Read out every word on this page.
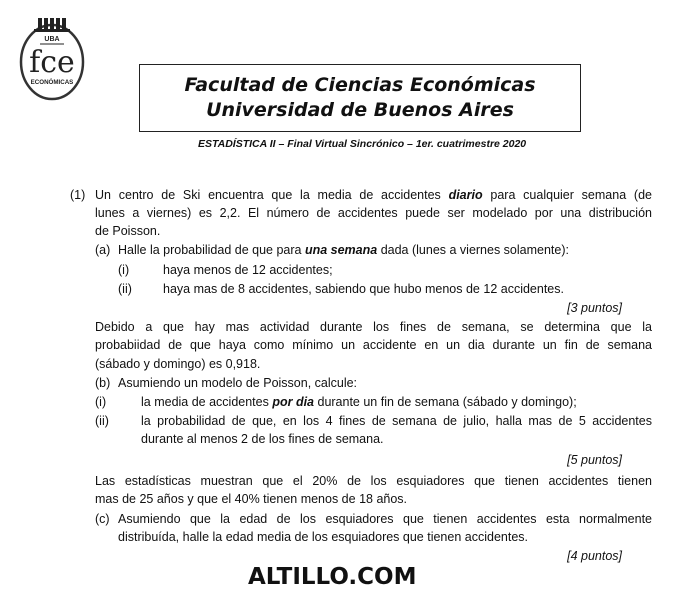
UBA
fce
ECONÓMICAS	Facultad de Ciencias Económicas
Universidad de Buenos Aires
ESTADÍSTICA II – Final Virtual Sincrónico – 1er. cuatrimestre 2020
(1) Un centro de Ski encuentra que la media de accidentes diario para cualquier semana (de
lunes a viernes) es 2,2. El número de accidentes puede ser modelado por una distribución
de Poisson.
(a) Halle la probabilidad de que para una semana dada (lunes a viernes solamente):
(i)	haya menos de 12 accidentes;
(ii) haya mas de 8 accidentes, sabiendo que hubo menos de 12 accidentes.
[3 puntos]
Debido a que hay mas actividad durante los fines de semana, se determina que la
probabiidad de que haya como mínimo un accidente en un dia durante un fin de semana
(sábado y domingo) es 0,918.
(b) Asumiendo un modelo de Poisson, calcule:
(i)	la media de accidentes por dia durante un fin de semana (sábado y domingo);
(ii)	la probabilidad de que, en los 4 fines de semana de julio, halla mas de 5 accidentes
durante al menos 2 de los fines de semana.
[5 puntos]
Las estadísticas muestran que el 20% de los esquiadores que tienen accidentes tienen
mas de 25 años y que el 40% tienen menos de 18 años.
(c) Asumiendo que la edad de los esquiadores que tienen accidentes esta normalmente
distribuída, halle la edad media de los esquiadores que tienen accidentes.
[4 puntos]
ALTILLO.COM
